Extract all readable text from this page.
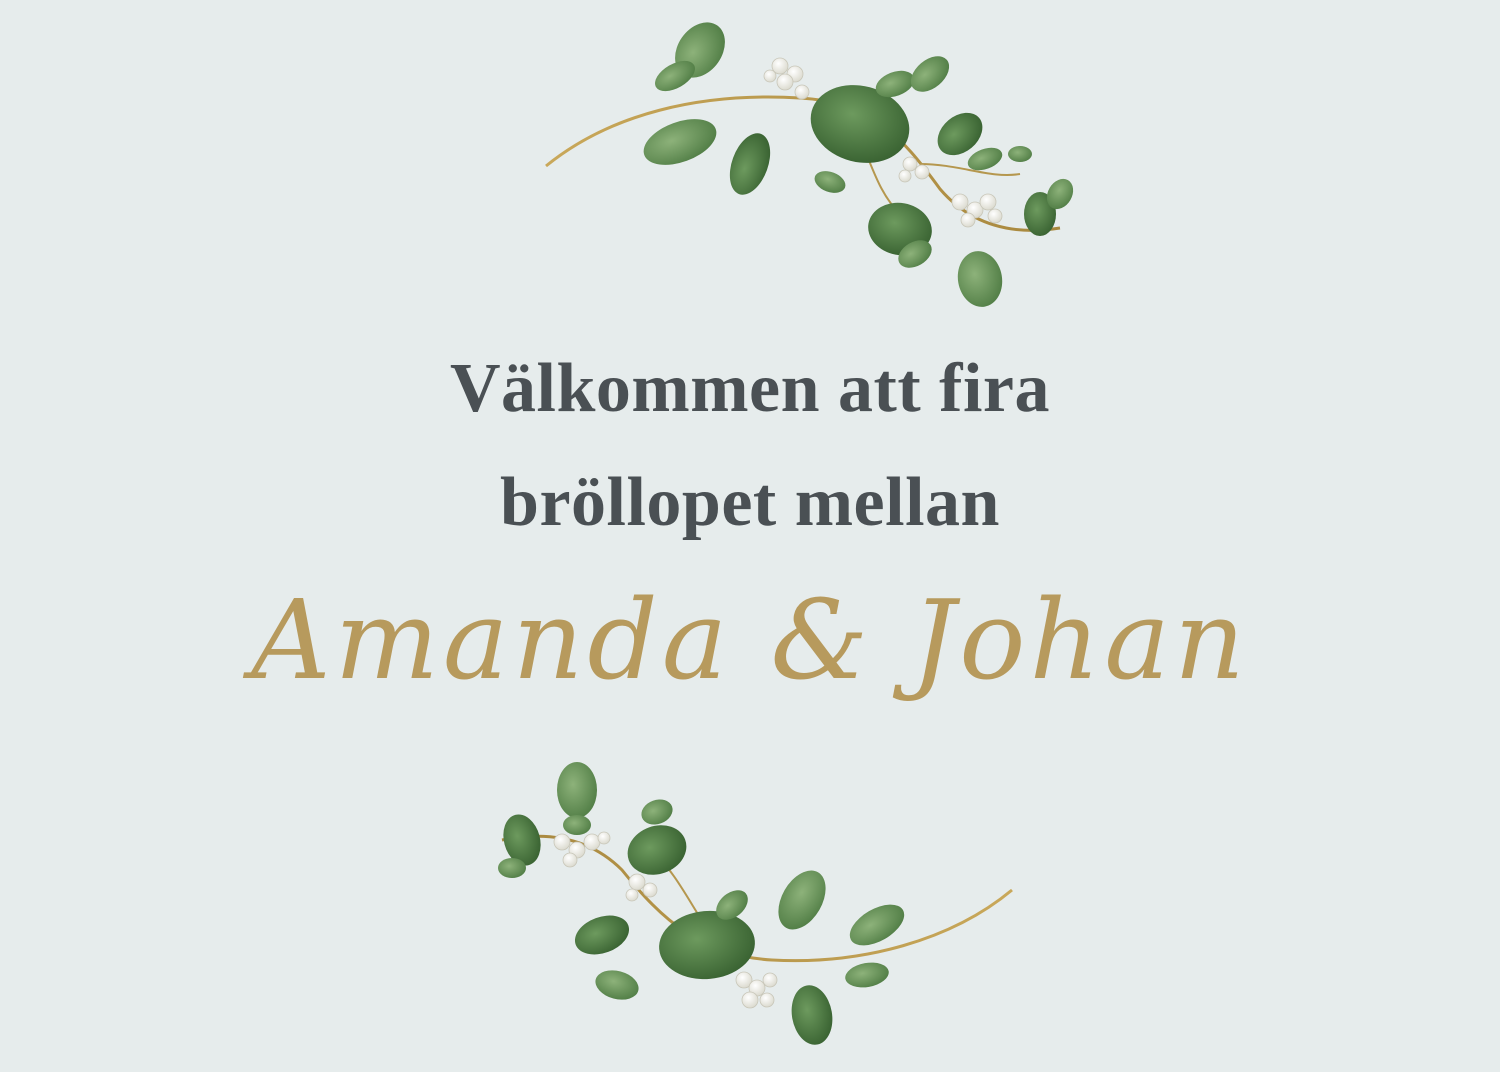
Välkommen att fira
bröllopet mellan
Amanda & Johan
